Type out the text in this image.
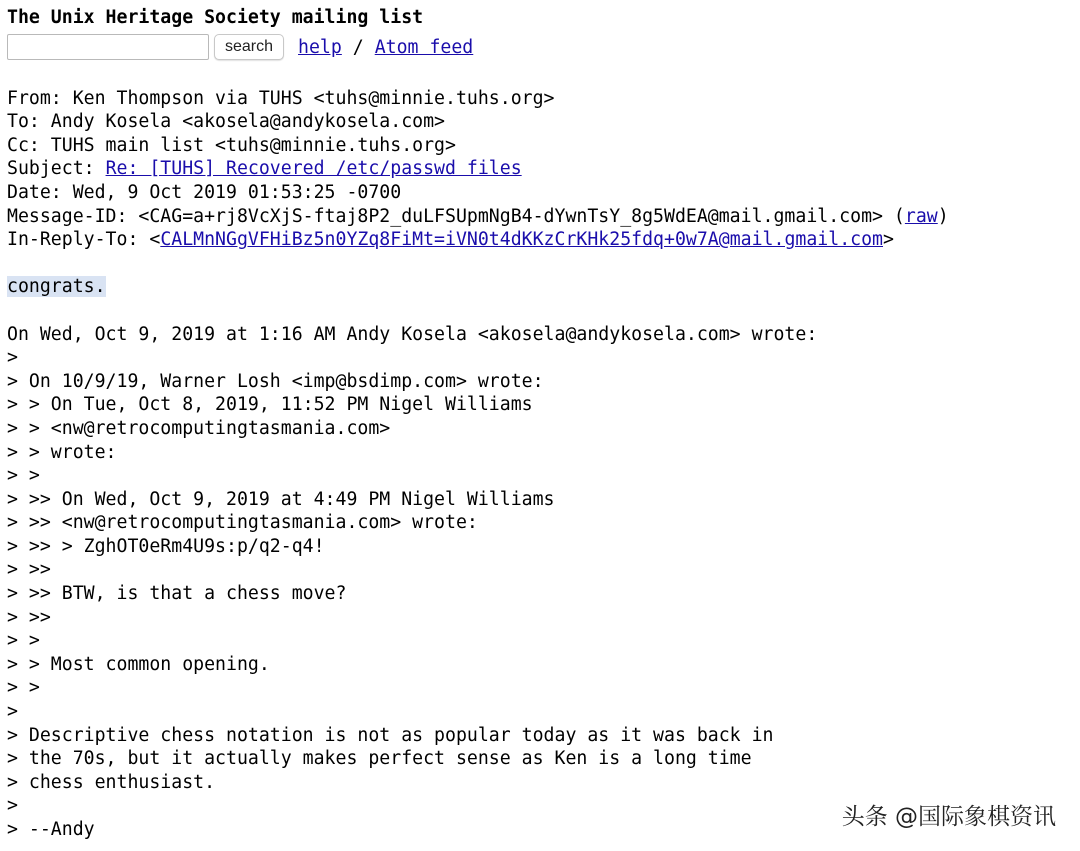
The Unix Heritage Society mailing list
search	help / Atom feed
From: Ken Thompson via TUHS <tuhs@minnie.tuhs.org>
To: Andy Kosela <akosela@andykosela.com>
Cc: TUHS main list <tuhs@minnie.tuhs.org>
Subject: Re: [TUHS] Recovered /etc/passwd files
Date: Wed, 9 Oct 2019 01:53:25 -0700
Message-ID: <CAG=a+rj8VcXjS-ftaj8P2_duLFSUpmNgB4-dYwnTsY_8g5WdEA@mail.gmail.com> (raw)
In-Reply-To: <CALMnNGgVFHiBz5n0YZq8FiMt=iVN0t4dKKzCrKHk25fdq+0w7A@mail.gmail.com>
congrats.
On Wed, Oct 9, 2019 at 1:16 AM Andy Kosela <akosela@andykosela.com> wrote:
>
> On 10/9/19, Warner Losh <imp@bsdimp.com> wrote:
> > On Tue, Oct 8, 2019, 11:52 PM Nigel Williams
> > <nw@retrocomputingtasmania.com>
> > wrote:
> >
> >> On Wed, Oct 9, 2019 at 4:49 PM Nigel Williams
> >> <nw@retrocomputingtasmania.com> wrote:
> >> > ZghOT0eRm4U9s:p/q2-q4!
> >>
> >> BTW, is that a chess move?
> >>
> >
> > Most common opening.
> >
>
> Descriptive chess notation is not as popular today as it was back in
> the 70s, but it actually makes perfect sense as Ken is a long time
> chess enthusiast.
>
> --Andy	头条 @国际象棋资讯
